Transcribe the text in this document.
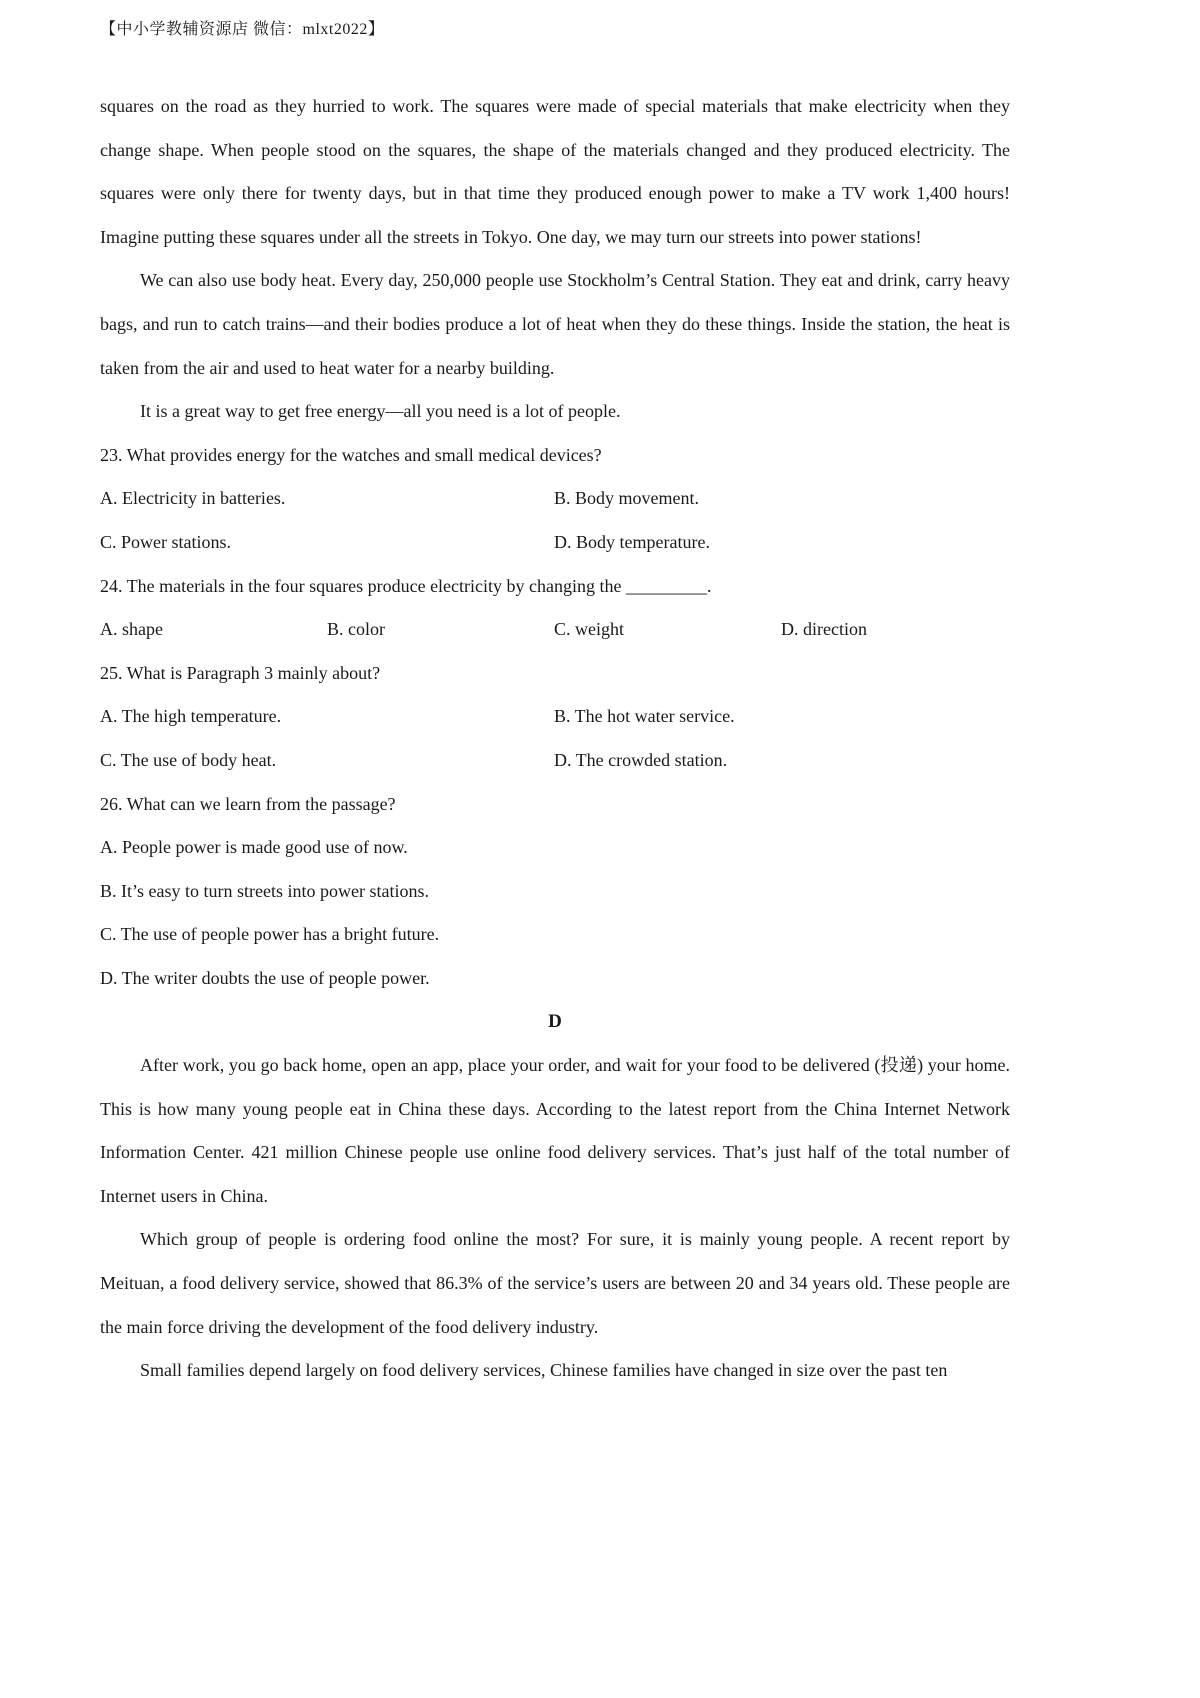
【中小学教辅资源店 微信：mlxt2022】

squares on the road as they hurried to work. The squares were made of special materials that make electricity when they change shape. When people stood on the squares, the shape of the materials changed and they produced electricity. The squares were only there for twenty days, but in that time they produced enough power to make a TV work 1,400 hours! Imagine putting these squares under all the streets in Tokyo. One day, we may turn our streets into power stations!

We can also use body heat. Every day, 250,000 people use Stockholm’s Central Station. They eat and drink, carry heavy bags, and run to catch trains—and their bodies produce a lot of heat when they do these things. Inside the station, the heat is taken from the air and used to heat water for a nearby building.

It is a great way to get free energy—all you need is a lot of people.

23. What provides energy for the watches and small medical devices?

A. Electricity in batteries.	B. Body movement.
C. Power stations.	D. Body temperature.

24. The materials in the four squares produce electricity by changing the _________.

A. shape	B. color	C. weight	D. direction

25. What is Paragraph 3 mainly about?

A. The high temperature.	B. The hot water service.
C. The use of body heat.	D. The crowded station.

26. What can we learn from the passage?

A. People power is made good use of now.

B. It’s easy to turn streets into power stations.

C. The use of people power has a bright future.

D. The writer doubts the use of people power.

D

After work, you go back home, open an app, place your order, and wait for your food to be delivered (投递) your home. This is how many young people eat in China these days. According to the latest report from the China Internet Network Information Center. 421 million Chinese people use online food delivery services. That’s just half of the total number of Internet users in China.

Which group of people is ordering food online the most? For sure, it is mainly young people. A recent report by Meituan, a food delivery service, showed that 86.3% of the service’s users are between 20 and 34 years old. These people are the main force driving the development of the food delivery industry.

Small families depend largely on food delivery services, Chinese families have changed in size over the past ten
